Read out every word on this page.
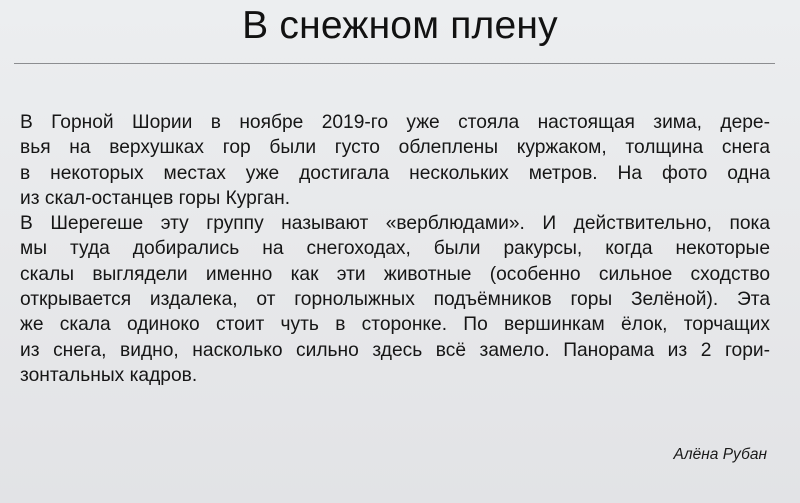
В снежном плену
В Горной Шории в ноябре 2019-го уже стояла настоящая зима, дере-
вья на верхушках гор были густо облеплены куржаком, толщина снега
в некоторых местах уже достигала нескольких метров. На фото одна
из скал-останцев горы Курган.
В Шерегеше эту группу называют «верблюдами». И действительно, пока
мы туда добирались на снегоходах, были ракурсы, когда некоторые
скалы выглядели именно как эти животные (особенно сильное сходство
открывается издалека, от горнолыжных подъёмников горы Зелёной). Эта
же скала одиноко стоит чуть в сторонке. По вершинкам ёлок, торчащих
из снега, видно, насколько сильно здесь всё замело. Панорама из 2 гори-
зонтальных кадров.
Алёна Рубан
